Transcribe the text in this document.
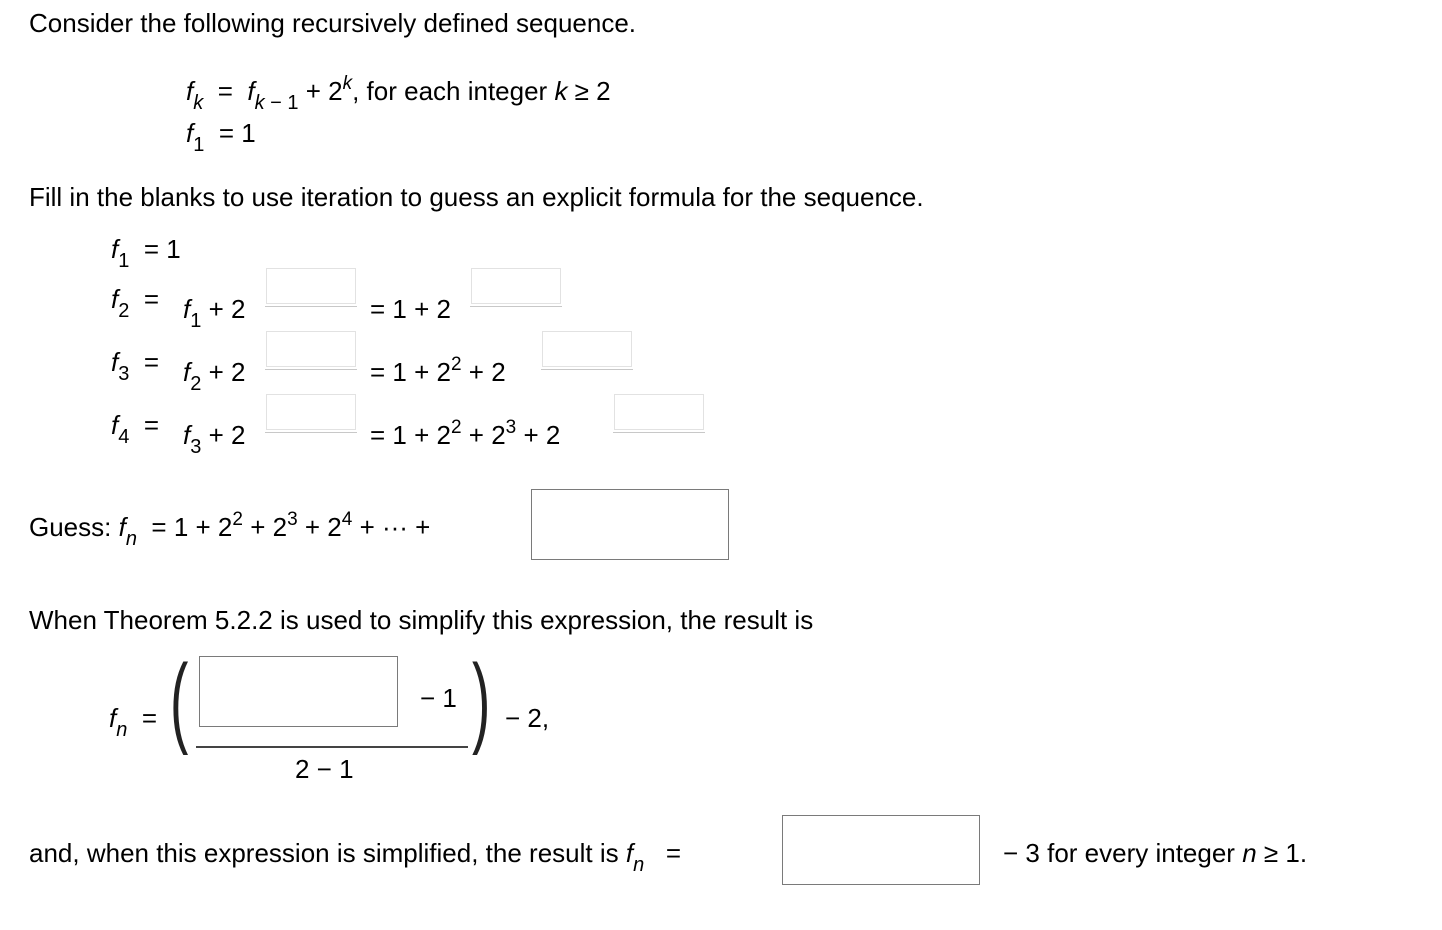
Consider the following recursively defined sequence.
$f_k = f_{k - 1} + 2^k$, for each integer k ≥ 2
$f_1 = 1$
Fill in the blanks to use iteration to guess an explicit formula for the sequence.
$f_1 = 1$
$f_2 = f_1 + 2$	= 1 + 2
$f_3 = f_2 + 2$	= $1 + 2^2 + 2$
$f_4 = f_3 + 2$	= $1 + 2^2 + 2^3 + 2$
Guess: $f_n = 1 + 2^2 + 2^3 + 2^4$ + ··· +
When Theorem 5.2.2 is used to simplify this expression, the result is
$f_n$ = (	− 1
2 − 1
) − 2,
and, when this expression is simplified, the result is $f_n$ =	− 3 for every integer n ≥ 1.
